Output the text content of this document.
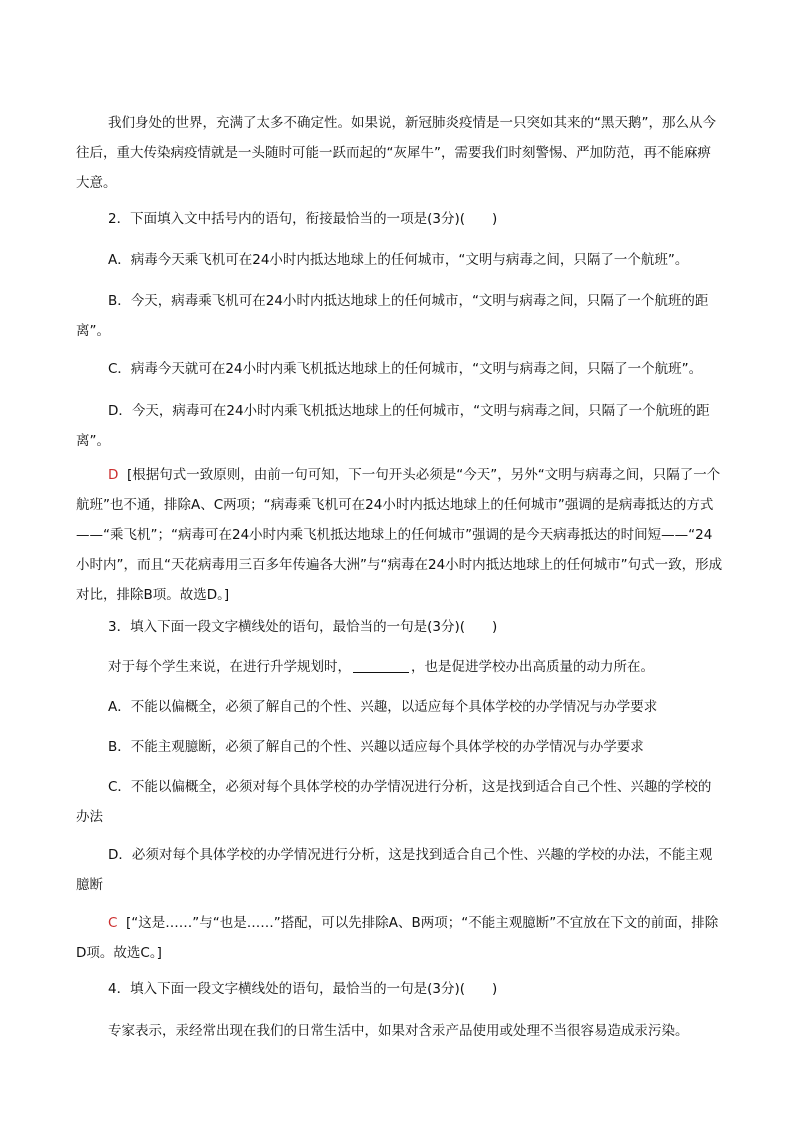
我们身处的世界，充满了太多不确定性。如果说，新冠肺炎疫情是一只突如其来的“黑天鹅”，那么从今往后，重大传染病疫情就是一头随时可能一跃而起的“灰犀牛”，需要我们时刻警惕、严加防范，再不能麻痹大意。

2．下面填入文中括号内的语句，衔接最恰当的一项是(3分)(　　)

A．病毒今天乘飞机可在24小时内抵达地球上的任何城市，“文明与病毒之间，只隔了一个航班”。

B．今天，病毒乘飞机可在24小时内抵达地球上的任何城市，“文明与病毒之间，只隔了一个航班的距离”。

C．病毒今天就可在24小时内乘飞机抵达地球上的任何城市，“文明与病毒之间，只隔了一个航班”。

D．今天，病毒可在24小时内乘飞机抵达地球上的任何城市，“文明与病毒之间，只隔了一个航班的距离”。

D [根据句式一致原则，由前一句可知，下一句开头必须是“今天”，另外“文明与病毒之间，只隔了一个航班”也不通，排除A、C两项；“病毒乘飞机可在24小时内抵达地球上的任何城市”强调的是病毒抵达的方式——“乘飞机”；“病毒可在24小时内乘飞机抵达地球上的任何城市”强调的是今天病毒抵达的时间短——“24小时内”，而且“天花病毒用三百多年传遍各大洲”与“病毒在24小时内抵达地球上的任何城市”句式一致，形成对比，排除B项。故选D。]

3．填入下面一段文字横线处的语句，最恰当的一句是(3分)(　　)

对于每个学生来说，在进行升学规划时，	，也是促进学校办出高质量的动力所在。

A．不能以偏概全，必须了解自己的个性、兴趣，以适应每个具体学校的办学情况与办学要求

B．不能主观臆断，必须了解自己的个性、兴趣以适应每个具体学校的办学情况与办学要求

C．不能以偏概全，必须对每个具体学校的办学情况进行分析，这是找到适合自己个性、兴趣的学校的办法

D．必须对每个具体学校的办学情况进行分析，这是找到适合自己个性、兴趣的学校的办法，不能主观臆断

C [“这是……”与“也是……”搭配，可以先排除A、B两项；“不能主观臆断”不宜放在下文的前面，排除D项。故选C。]

4．填入下面一段文字横线处的语句，最恰当的一句是(3分)(　　)

专家表示，汞经常出现在我们的日常生活中，如果对含汞产品使用或处理不当很容易造成汞污染。
